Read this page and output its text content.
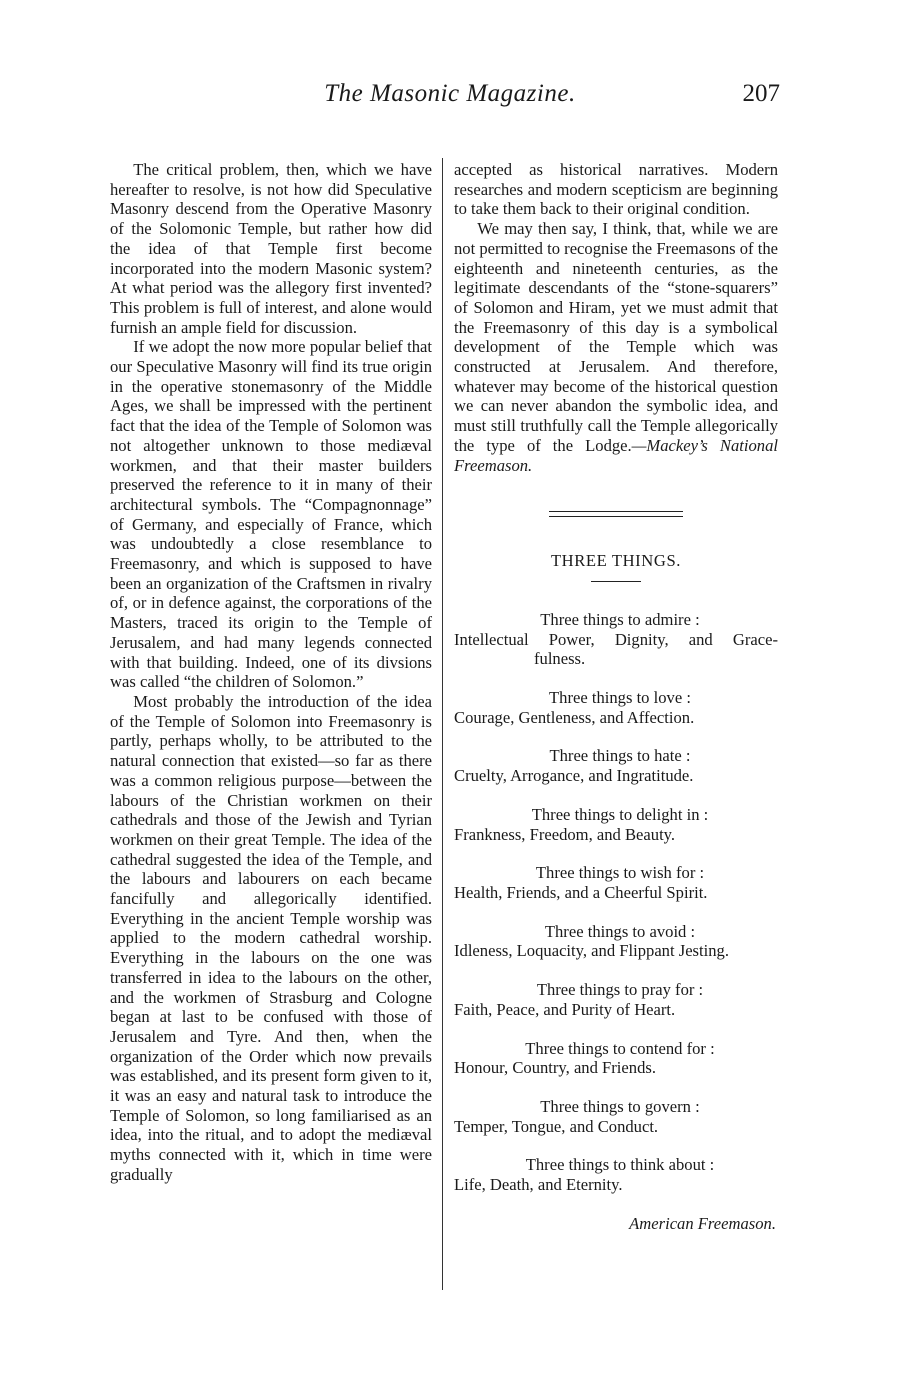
The Masonic Magazine.	207

The critical problem, then, which we have hereafter to resolve, is not how did Speculative Masonry descend from the Operative Masonry of the Solomonic Temple, but rather how did the idea of that Temple first become incorporated into the modern Masonic system? At what period was the allegory first invented? This problem is full of interest, and alone would furnish an ample field for discussion.

If we adopt the now more popular belief that our Speculative Masonry will find its true origin in the operative stonemasonry of the Middle Ages, we shall be impressed with the pertinent fact that the idea of the Temple of Solomon was not altogether unknown to those mediæval workmen, and that their master builders preserved the reference to it in many of their architectural symbols. The “Compagnonnage” of Germany, and especially of France, which was undoubtedly a close resemblance to Freemasonry, and which is supposed to have been an organization of the Craftsmen in rivalry of, or in defence against, the corporations of the Masters, traced its origin to the Temple of Jerusalem, and had many legends connected with that building. Indeed, one of its divsions was called “the children of Solomon.”

Most probably the introduction of the idea of the Temple of Solomon into Freemasonry is partly, perhaps wholly, to be attributed to the natural connection that existed—so far as there was a common religious purpose—between the labours of the Christian workmen on their cathedrals and those of the Jewish and Tyrian workmen on their great Temple. The idea of the cathedral suggested the idea of the Temple, and the labours and labourers on each became fancifully and allegorically identified. Everything in the ancient Temple worship was applied to the modern cathedral worship. Everything in the labours on the one was transferred in idea to the labours on the other, and the workmen of Strasburg and Cologne began at last to be confused with those of Jerusalem and Tyre. And then, when the organization of the Order which now prevails was established, and its present form given to it, it was an easy and natural task to introduce the Temple of Solomon, so long familiarised as an idea, into the ritual, and to adopt the mediæval myths connected with it, which in time were gradually

accepted as historical narratives. Modern researches and modern scepticism are beginning to take them back to their original condition.

We may then say, I think, that, while we are not permitted to recognise the Freemasons of the eighteenth and nineteenth centuries, as the legitimate descendants of the “stone-squarers” of Solomon and Hiram, yet we must admit that the Freemasonry of this day is a symbolical development of the Temple which was constructed at Jerusalem. And therefore, whatever may become of the historical question we can never abandon the symbolic idea, and must still truthfully call the Temple allegorically the type of the Lodge.—Mackey’s National Freemason.

THREE THINGS.
Three things to admire :
Intellectual Power, Dignity, and Grace-
fulness.
Three things to love :
Courage, Gentleness, and Affection.
Three things to hate :
Cruelty, Arrogance, and Ingratitude.
Three things to delight in :
Frankness, Freedom, and Beauty.
Three things to wish for :
Health, Friends, and a Cheerful Spirit.
Three things to avoid :
Idleness, Loquacity, and Flippant Jesting.
Three things to pray for :
Faith, Peace, and Purity of Heart.
Three things to contend for :
Honour, Country, and Friends.
Three things to govern :
Temper, Tongue, and Conduct.
Three things to think about :
Life, Death, and Eternity.
American Freemason.
